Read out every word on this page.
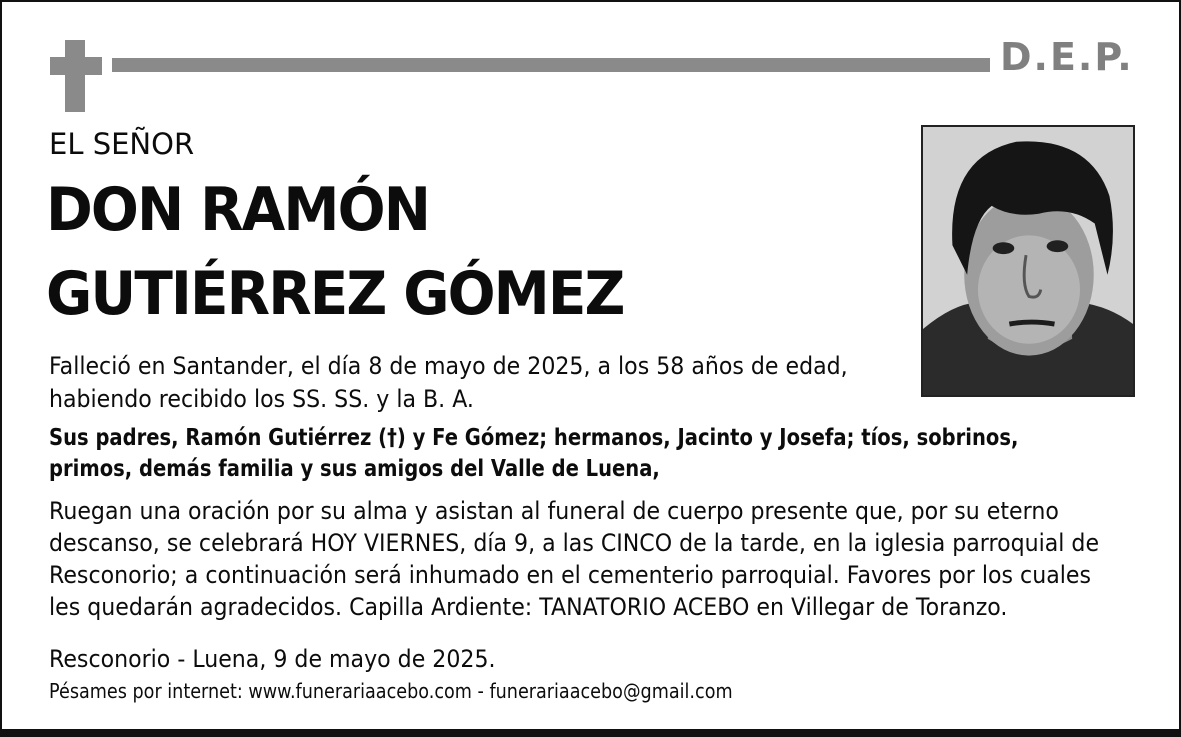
D.E.P.
EL SEÑOR
DON RAMÓN
GUTIÉRREZ GÓMEZ

Falleció en Santander, el día 8 de mayo de 2025, a los 58 años de edad,
habiendo recibido los SS. SS. y la B. A.

Sus padres, Ramón Gutiérrez (†) y Fe Gómez; hermanos, Jacinto y Josefa; tíos, sobrinos,
primos, demás familia y sus amigos del Valle de Luena,

Ruegan una oración por su alma y asistan al funeral de cuerpo presente que, por su eterno
descanso, se celebrará HOY VIERNES, día 9, a las CINCO de la tarde, en la iglesia parroquial de
Resconorio; a continuación será inhumado en el cementerio parroquial. Favores por los cuales
les quedarán agradecidos. Capilla Ardiente: TANATORIO ACEBO en Villegar de Toranzo.

Resconorio - Luena, 9 de mayo de 2025.
Pésames por internet: www.funerariaacebo.com - funerariaacebo@gmail.com
